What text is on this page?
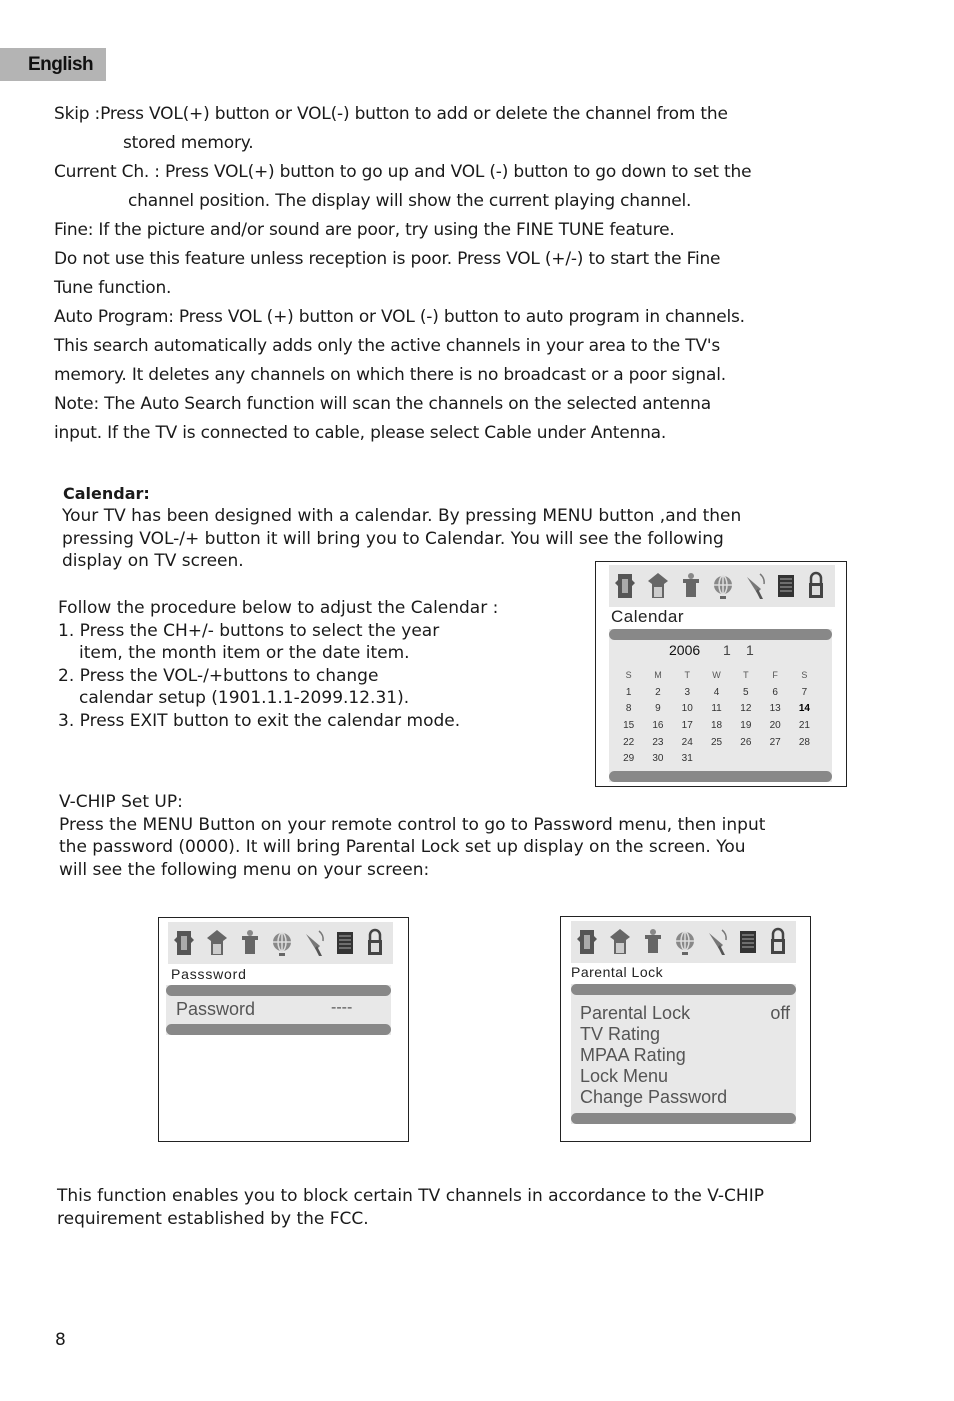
English

Skip :Press VOL(+) button or VOL(-) button to add or delete the channel from the

stored memory.

Current Ch. : Press VOL(+) button to go up and VOL (-) button to go down to set the

channel position. The display will show the current playing channel.

Fine: If the picture and/or sound are poor, try using the FINE TUNE feature.

Do not use this feature unless reception is poor. Press VOL (+/-) to start the Fine

Tune function.

Auto Program: Press VOL (+) button or VOL (-) button to auto program in channels.

This search automatically adds only the active channels in your area to the TV's

memory. It deletes any channels on which there is no broadcast or a poor signal.

Note: The Auto Search function will scan the channels on the selected antenna

input. If the TV is connected to cable, please select Cable under Antenna.

Calendar:

Your TV has been designed with a calendar. By pressing MENU button ,and then

pressing VOL-/+ button it will bring you to Calendar. You will see the following

display on TV screen.

Follow the procedure below to adjust the Calendar :

1. Press the CH+/- buttons to select the year

item, the month item or the date item.

2. Press the VOL-/+buttons to change

calendar setup (1901.1.1-2099.12.31).

3. Press EXIT button to exit the calendar mode.

Calendar
2006 1 1
S	M	T	W	T	F	S
1	2	3	4	5	6	7
8	9	10	11	12	13	14
15	16	17	18	19	20	21
22	23	24	25	26	27	28
29	30	31				

V-CHIP Set UP:

Press the MENU Button on your remote control to go to Password menu, then input

the password (0000). It will bring Parental Lock set up display on the screen. You

will see the following menu on your screen:

Passsword
Password	----
Parental Lock
Parental Lock	off
TV Rating
MPAA Rating
Lock Menu
Change Password

This function enables you to block certain TV channels in accordance to the V-CHIP

requirement established by the FCC.

8
